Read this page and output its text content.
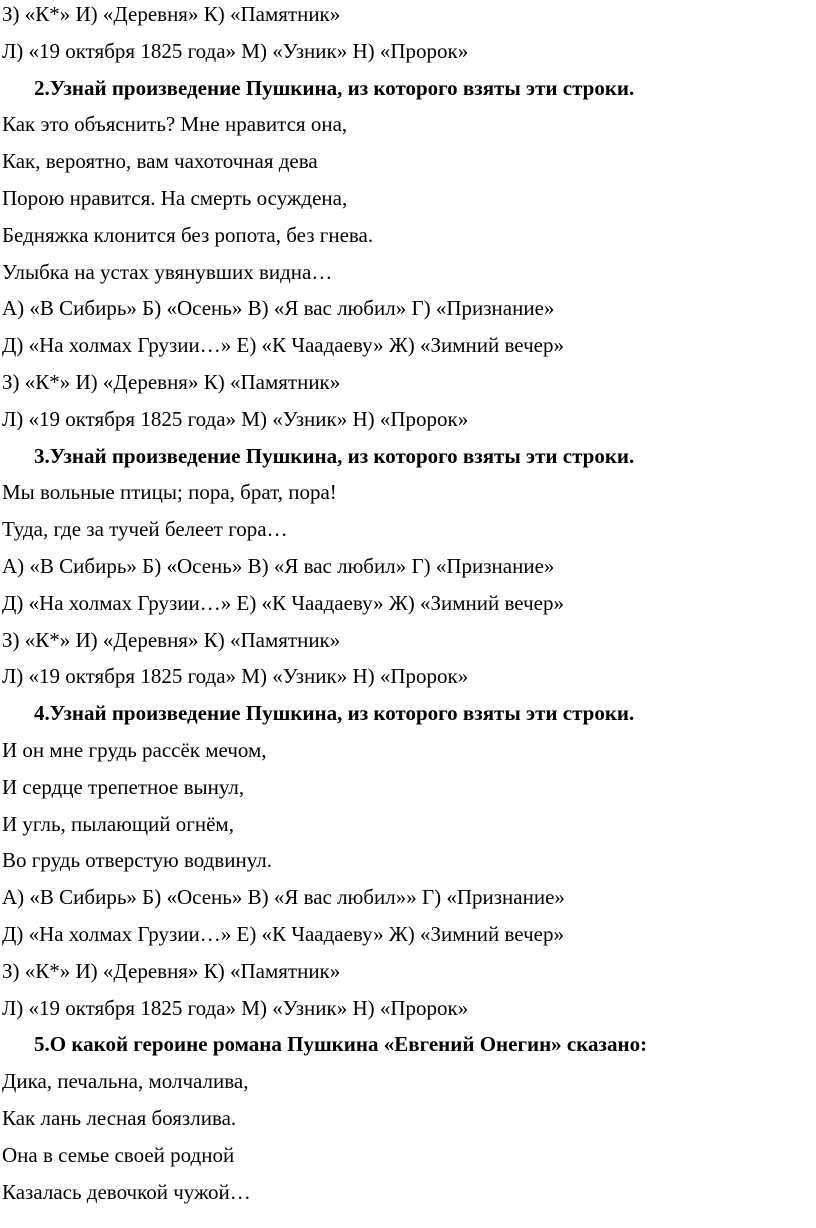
З) «К*» И) «Деревня» К) «Памятник»
Л) «19 октября 1825 года» М) «Узник» Н) «Пророк»
2.Узнай произведение Пушкина, из которого взяты эти строки.
Как это объяснить? Мне нравится она,
Как, вероятно, вам чахоточная дева
Порою нравится. На смерть осуждена,
Бедняжка клонится без ропота, без гнева.
Улыбка на устах увянувших видна…
А) «В Сибирь» Б) «Осень» В) «Я вас любил» Г) «Признание»
Д) «На холмах Грузии…» Е) «К Чаадаеву» Ж) «Зимний вечер»
З) «К*» И) «Деревня» К) «Памятник»
Л) «19 октября 1825 года» М) «Узник» Н) «Пророк»
3.Узнай произведение Пушкина, из которого взяты эти строки.
Мы вольные птицы; пора, брат, пора!
Туда, где за тучей белеет гора…
А) «В Сибирь» Б) «Осень» В) «Я вас любил» Г) «Признание»
Д) «На холмах Грузии…» Е) «К Чаадаеву» Ж) «Зимний вечер»
З) «К*» И) «Деревня» К) «Памятник»
Л) «19 октября 1825 года» М) «Узник» Н) «Пророк»
4.Узнай произведение Пушкина, из которого взяты эти строки.
И он мне грудь рассёк мечом,
И сердце трепетное вынул,
И угль, пылающий огнём,
Во грудь отверстую водвинул.
А) «В Сибирь» Б) «Осень» В) «Я вас любил»» Г) «Признание»
Д) «На холмах Грузии…» Е) «К Чаадаеву» Ж) «Зимний вечер»
З) «К*» И) «Деревня» К) «Памятник»
Л) «19 октября 1825 года» М) «Узник» Н) «Пророк»
5.О какой героине романа Пушкина «Евгений Онегин» сказано:
Дика, печальна, молчалива,
Как лань лесная боязлива.
Она в семье своей родной
Казалась девочкой чужой…
